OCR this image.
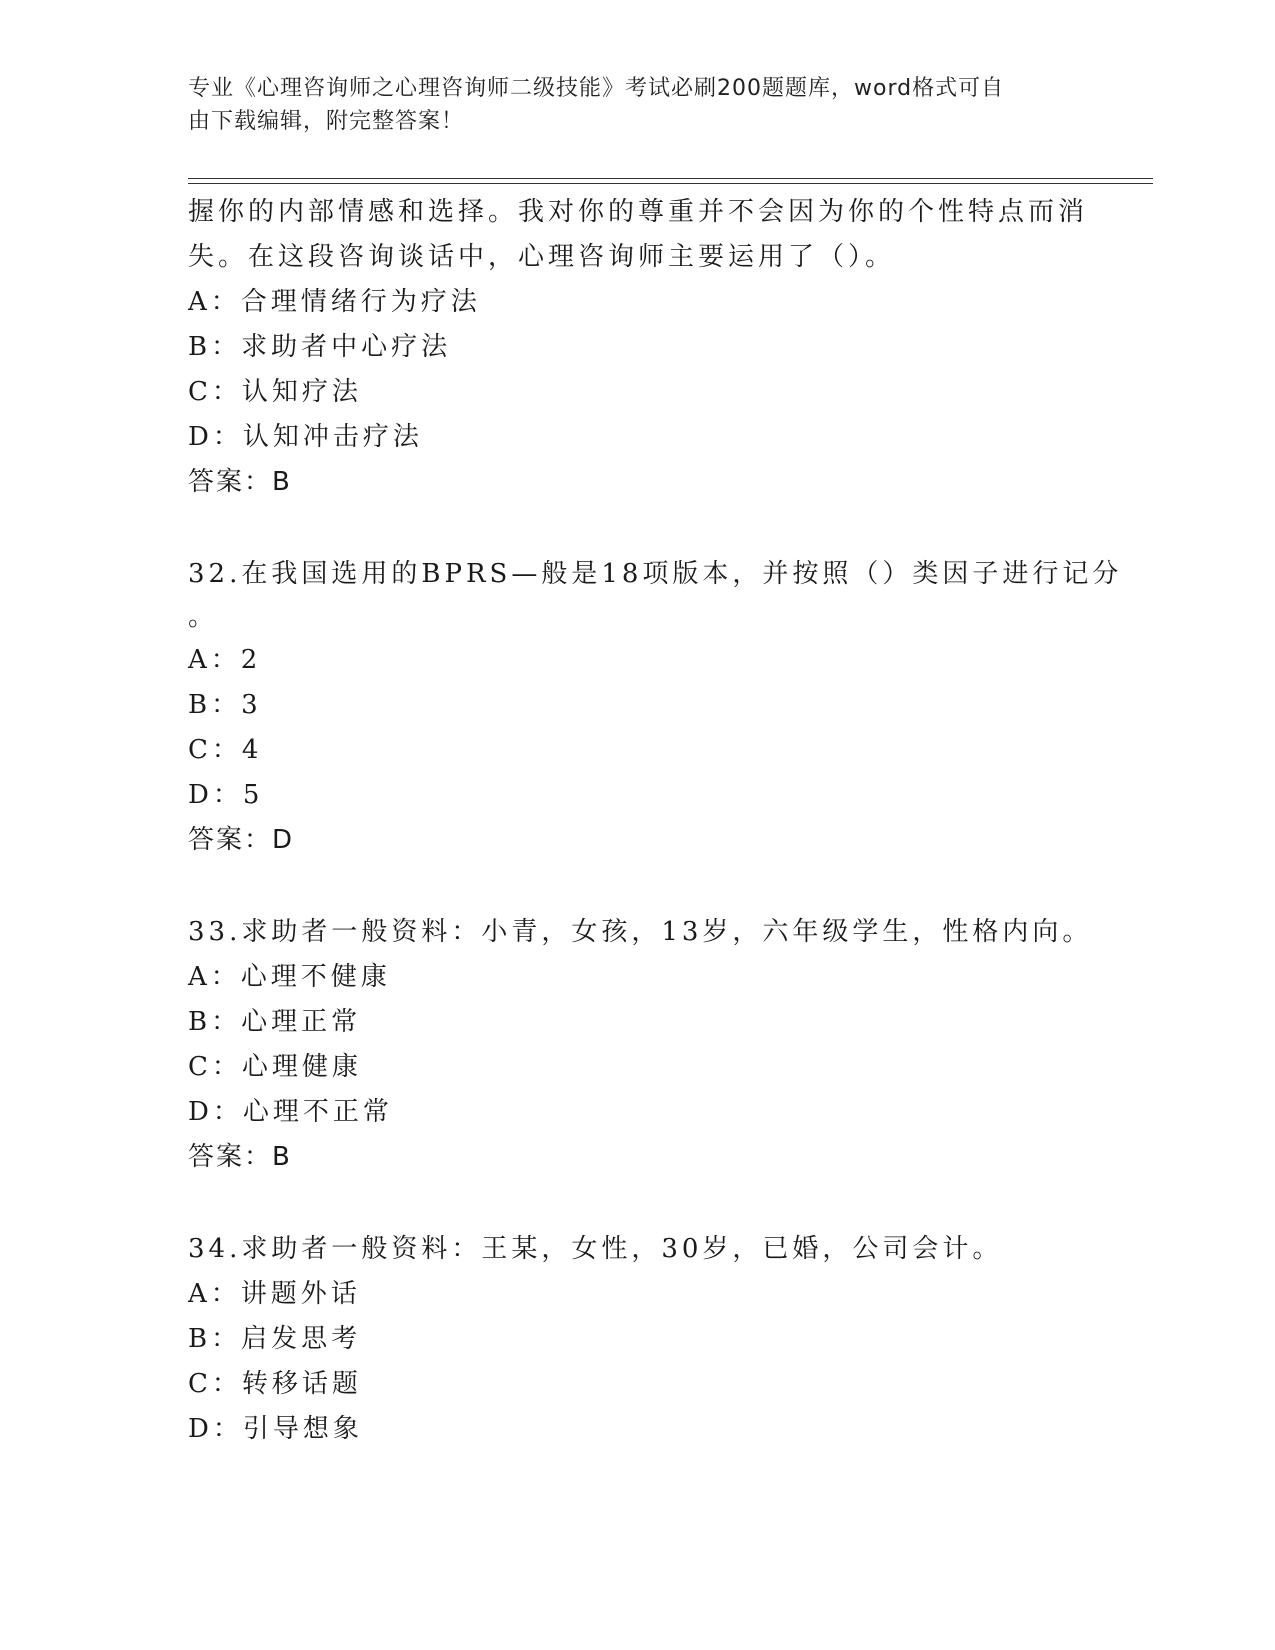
专业《心理咨询师之心理咨询师二级技能》考试必刷200题题库，word格式可自
由下载编辑，附完整答案！
握你的内部情感和选择。我对你的尊重并不会因为你的个性特点而消
失。在这段咨询谈话中，心理咨询师主要运用了（）。
A：合理情绪行为疗法
B：求助者中心疗法
C：认知疗法
D：认知冲击疗法
答案：B
32.在我国选用的BPRS—般是18项版本，并按照（）类因子进行记分
。
A：2
B：3
C：4
D：5
答案：D
33.求助者一般资料：小青，女孩，13岁，六年级学生，性格内向。
A：心理不健康
B：心理正常
C：心理健康
D：心理不正常
答案：B
34.求助者一般资料：王某，女性，30岁，已婚，公司会计。
A：讲题外话
B：启发思考
C：转移话题
D：引导想象
